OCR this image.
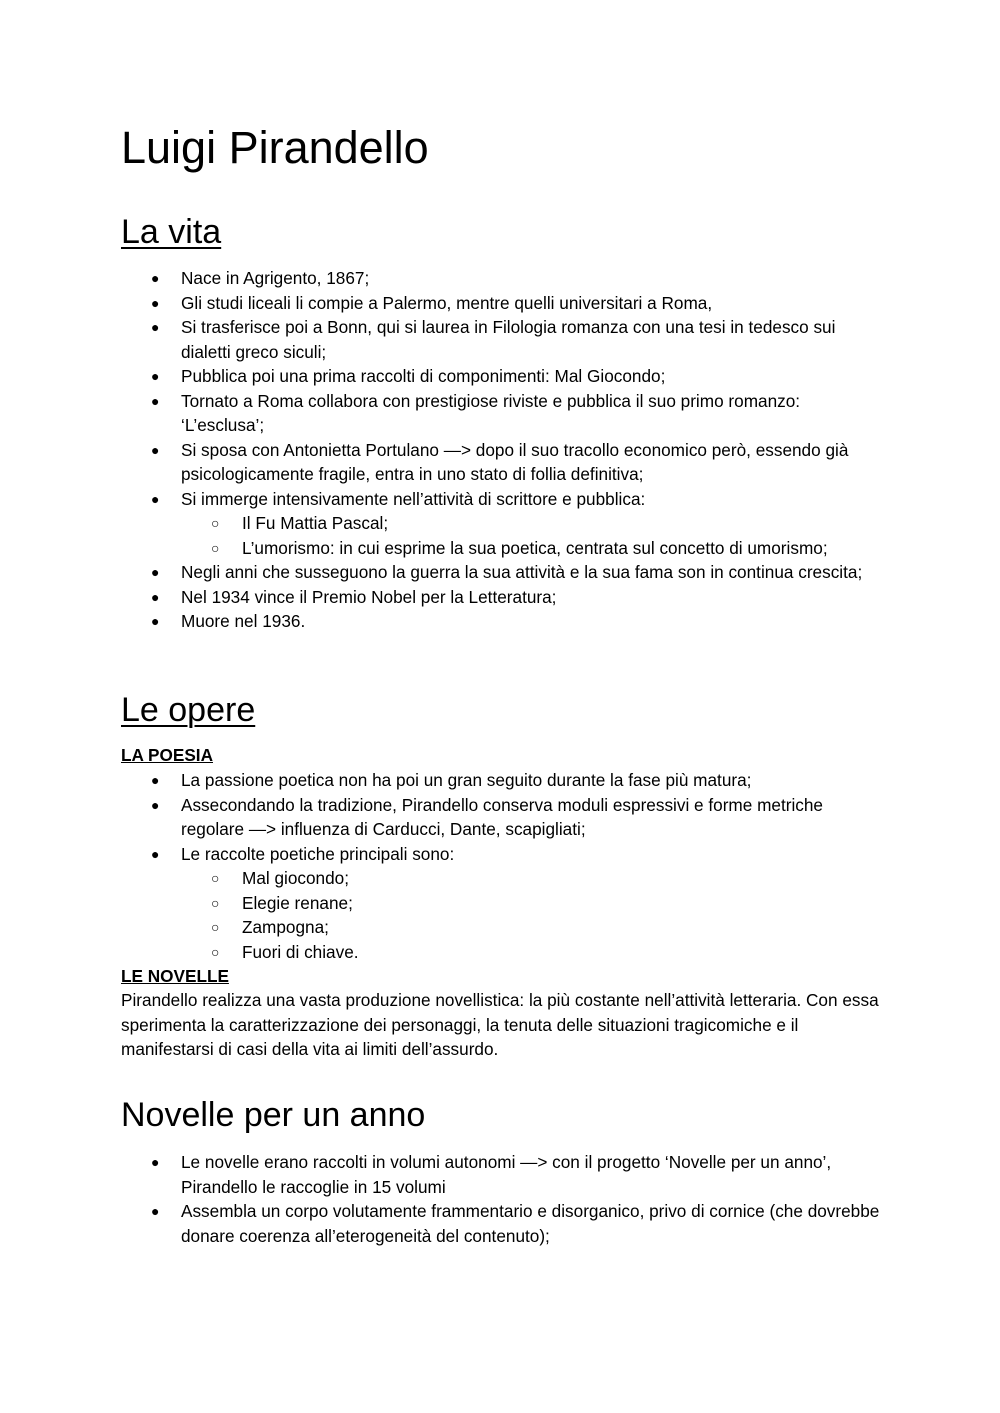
Luigi Pirandello
La vita
● Nace in Agrigento, 1867;
● Gli studi liceali li compie a Palermo, mentre quelli universitari a Roma,
● Si trasferisce poi a Bonn, qui si laurea in Filologia romanza con una tesi in tedesco sui dialetti greco siculi;
● Pubblica poi una prima raccolti di componimenti: Mal Giocondo;
● Tornato a Roma collabora con prestigiose riviste e pubblica il suo primo romanzo: ‘L’esclusa’;
● Si sposa con Antonietta Portulano —> dopo il suo tracollo economico però, essendo già psicologicamente fragile, entra in uno stato di follia definitiva;
● Si immerge intensivamente nell’attività di scrittore e pubblica:
○ Il Fu Mattia Pascal;
○ L’umorismo: in cui esprime la sua poetica, centrata sul concetto di umorismo;
● Negli anni che susseguono la guerra la sua attività e la sua fama son in continua crescita;
● Nel 1934 vince il Premio Nobel per la Letteratura;
● Muore nel 1936.
Le opere
LA POESIA
● La passione poetica non ha poi un gran seguito durante la fase più matura;
● Assecondando la tradizione, Pirandello conserva moduli espressivi e forme metriche regolare —> influenza di Carducci, Dante, scapigliati;
● Le raccolte poetiche principali sono:
○ Mal giocondo;
○ Elegie renane;
○ Zampogna;
○ Fuori di chiave.
LE NOVELLE

Pirandello realizza una vasta produzione novellistica: la più costante nell’attività letteraria. Con essa sperimenta la caratterizzazione dei personaggi, la tenuta delle situazioni tragicomiche e il manifestarsi di casi della vita ai limiti dell’assurdo.

Novelle per un anno
● Le novelle erano raccolti in volumi autonomi —> con il progetto ‘Novelle per un anno’, Pirandello le raccoglie in 15 volumi
● Assembla un corpo volutamente frammentario e disorganico, privo di cornice (che dovrebbe donare coerenza all’eterogeneità del contenuto);
